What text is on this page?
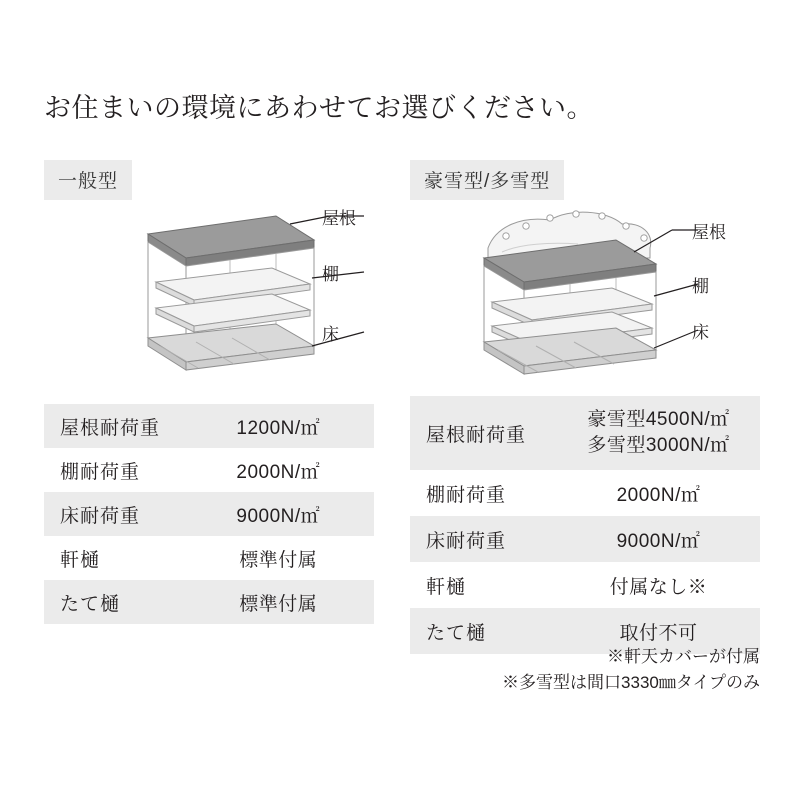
お住まいの環境にあわせてお選びください。
一般型
屋根
棚
床
屋根耐荷重	1200N/㎡
棚耐荷重	2000N/㎡
床耐荷重	9000N/㎡
軒樋	標準付属
たて樋	標準付属
豪雪型/多雪型
屋根
棚
床
屋根耐荷重	豪雪型4500N/㎡
多雪型3000N/㎡

棚耐荷重	2000N/㎡
床耐荷重	9000N/㎡
軒樋	付属なし※
たて樋	取付不可
※軒天カバーが付属
※多雪型は間口3330㎜タイプのみ
